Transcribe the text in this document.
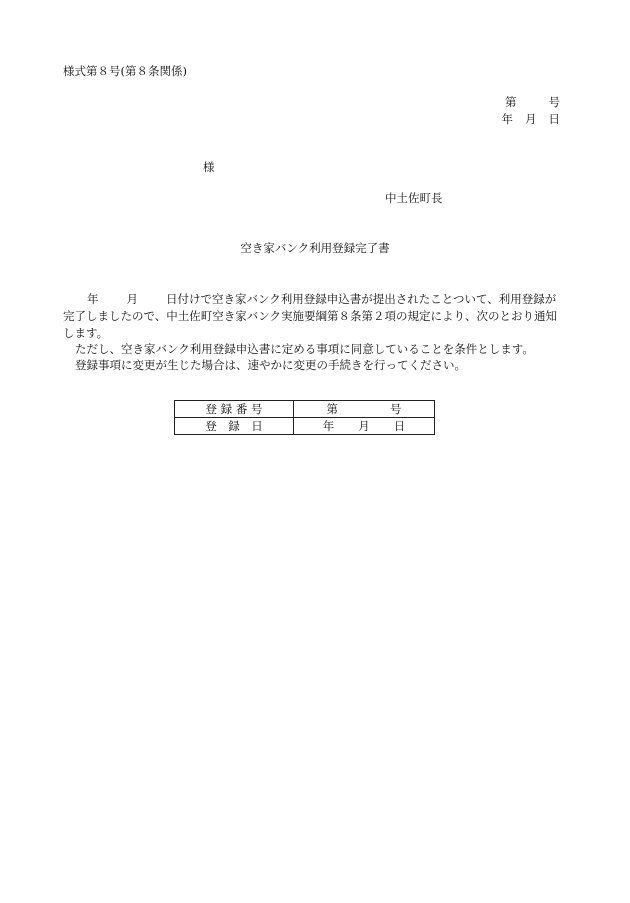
様式第８号(第８条関係)
第	号
年 月 日
様
中土佐町長
空き家バンク利用登録完了書
年 月 日付けで空き家バンク利用登録申込書が提出されたことついて、利用登録が完了しましたので、中土佐町空き家バンク実施要綱第８条第２項の規定により、次のとおり通知します。
ただし、空き家バンク利用登録申込書に定める事項に同意していることを条件とします。
登録事項に変更が生じた場合は、速やかに変更の手続きを行ってください。
登 録 番 号	第 号
登　録　日	年 月 日
